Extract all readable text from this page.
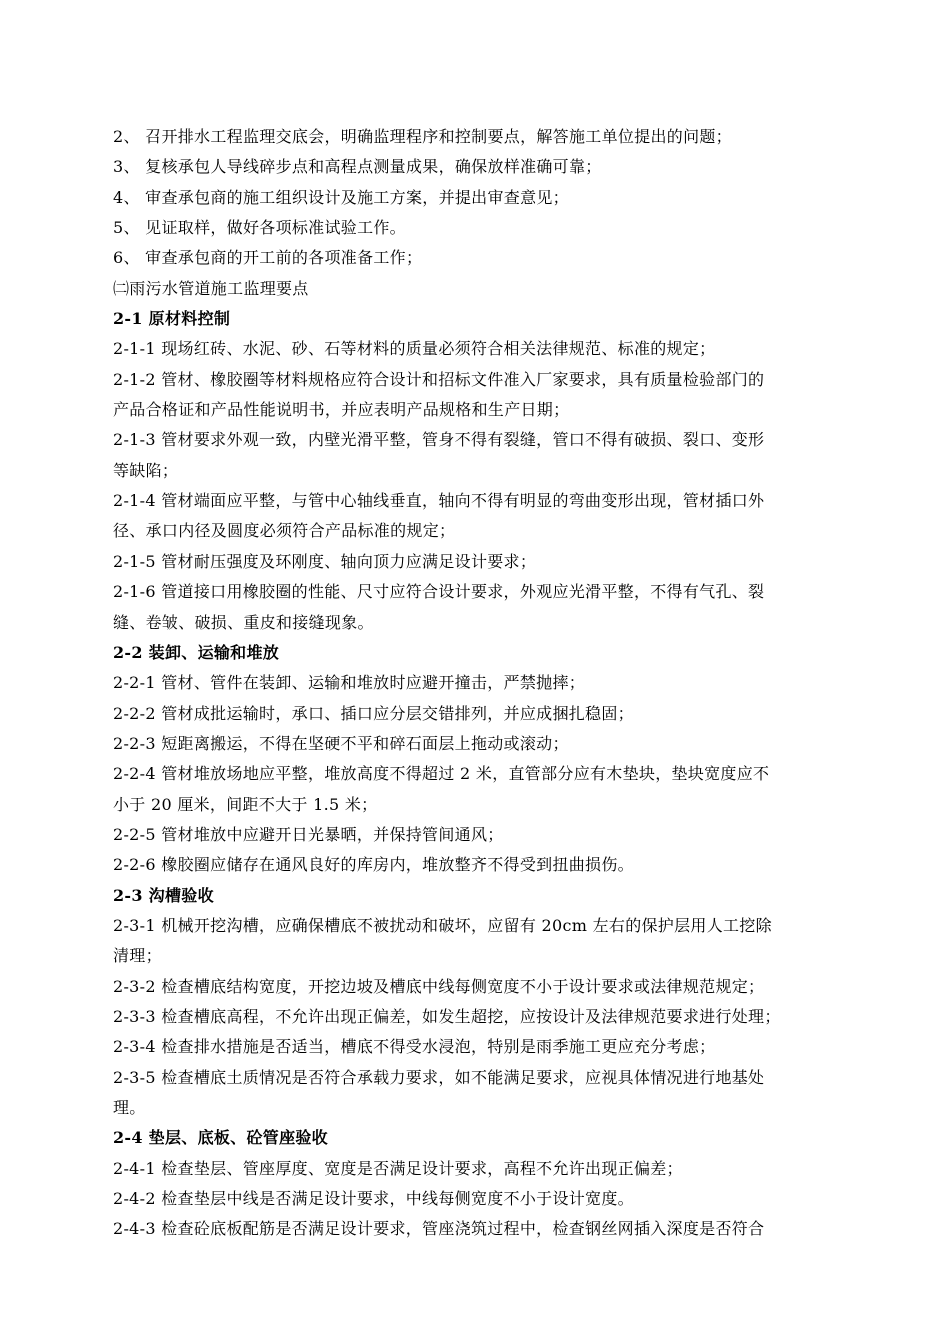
2、 召开排水工程监理交底会，明确监理程序和控制要点，解答施工单位提出的问题；
3、 复核承包人导线碎步点和高程点测量成果，确保放样准确可靠；
4、 审查承包商的施工组织设计及施工方案，并提出审查意见；
5、 见证取样，做好各项标准试验工作。
6、 审查承包商的开工前的各项准备工作；
㈡雨污水管道施工监理要点
2-1 原材料控制
2-1-1 现场红砖、水泥、砂、石等材料的质量必须符合相关法律规范、标准的规定；
2-1-2 管材、橡胶圈等材料规格应符合设计和招标文件准入厂家要求，具有质量检验部门的
产品合格证和产品性能说明书，并应表明产品规格和生产日期；
2-1-3 管材要求外观一致，内壁光滑平整，管身不得有裂缝，管口不得有破损、裂口、变形
等缺陷；
2-1-4 管材端面应平整，与管中心轴线垂直，轴向不得有明显的弯曲变形出现，管材插口外
径、承口内径及圆度必须符合产品标准的规定；
2-1-5 管材耐压强度及环刚度、轴向顶力应满足设计要求；
2-1-6 管道接口用橡胶圈的性能、尺寸应符合设计要求，外观应光滑平整，不得有气孔、裂
缝、卷皱、破损、重皮和接缝现象。
2-2 装卸、运输和堆放
2-2-1 管材、管件在装卸、运输和堆放时应避开撞击，严禁抛摔；
2-2-2 管材成批运输时，承口、插口应分层交错排列，并应成捆扎稳固；
2-2-3 短距离搬运，不得在坚硬不平和碎石面层上拖动或滚动；
2-2-4 管材堆放场地应平整，堆放高度不得超过 2 米，直管部分应有木垫块，垫块宽度应不
小于 20 厘米，间距不大于 1.5 米；
2-2-5 管材堆放中应避开日光暴晒，并保持管间通风；
2-2-6 橡胶圈应储存在通风良好的库房内，堆放整齐不得受到扭曲损伤。
2-3 沟槽验收
2-3-1 机械开挖沟槽，应确保槽底不被扰动和破坏，应留有 20cm 左右的保护层用人工挖除
清理；
2-3-2 检查槽底结构宽度，开挖边坡及槽底中线每侧宽度不小于设计要求或法律规范规定；
2-3-3 检查槽底高程，不允许出现正偏差，如发生超挖，应按设计及法律规范要求进行处理；
2-3-4 检查排水措施是否适当，槽底不得受水浸泡，特别是雨季施工更应充分考虑；
2-3-5 检查槽底土质情况是否符合承载力要求，如不能满足要求，应视具体情况进行地基处
理。
2-4 垫层、底板、砼管座验收
2-4-1 检查垫层、管座厚度、宽度是否满足设计要求，高程不允许出现正偏差；
2-4-2 检查垫层中线是否满足设计要求，中线每侧宽度不小于设计宽度。
2-4-3 检查砼底板配筋是否满足设计要求，管座浇筑过程中，检查钢丝网插入深度是否符合
